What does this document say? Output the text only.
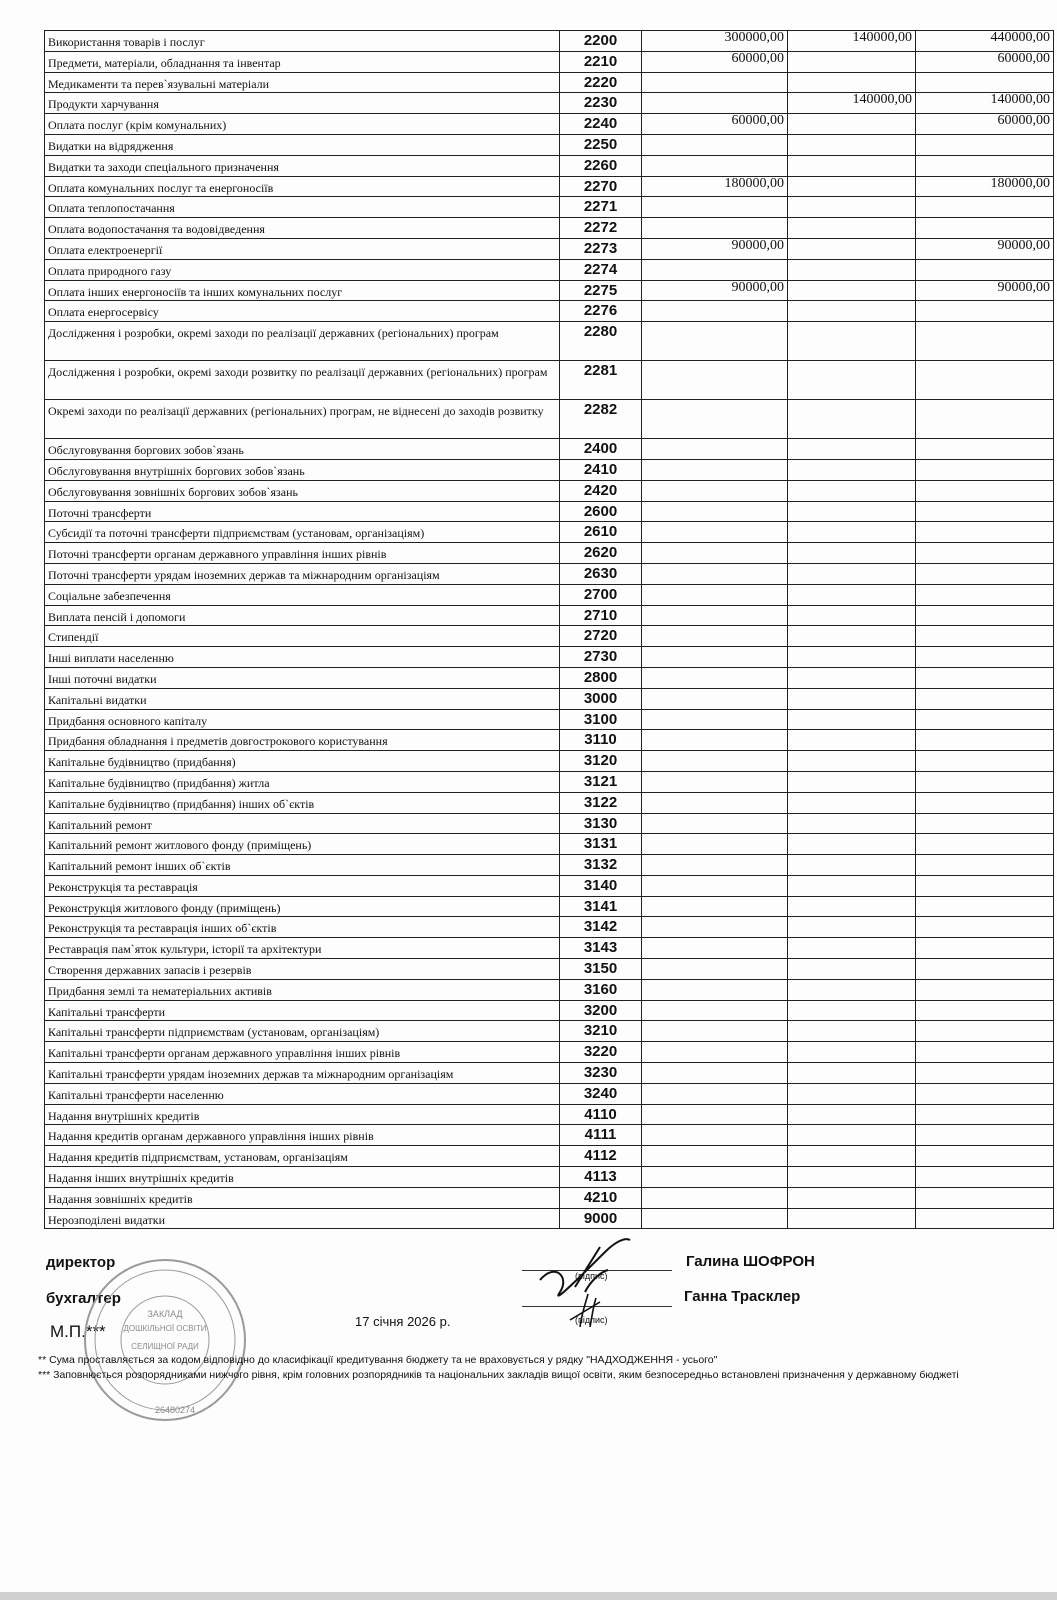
Використання товарів і послуг	2200	300000,00	140000,00	440000,00
Предмети, матеріали, обладнання та інвентар	2210	60000,00		60000,00
Медикаменти та перев`язувальні матеріали	2220			
Продукти харчування	2230		140000,00	140000,00
Оплата послуг (крім комунальних)	2240	60000,00		60000,00
Видатки на відрядження	2250			
Видатки та заходи спеціального призначення	2260			
Оплата комунальних послуг та енергоносіїв	2270	180000,00		180000,00
Оплата теплопостачання	2271			
Оплата водопостачання та водовідведення	2272			
Оплата електроенергії	2273	90000,00		90000,00
Оплата природного газу	2274			
Оплата інших енергоносіїв та інших комунальних послуг	2275	90000,00		90000,00
Оплата енергосервісу	2276			
Дослідження і розробки, окремі заходи по реалізації державних (регіональних) програм	2280			
Дослідження і розробки, окремі заходи розвитку по реалізації державних (регіональних) програм	2281			
Окремі заходи по реалізації державних (регіональних) програм, не віднесені до заходів розвитку	2282			
Обслуговування боргових зобов`язань	2400			
Обслуговування внутрішніх боргових зобов`язань	2410			
Обслуговування зовнішніх боргових зобов`язань	2420			
Поточні трансферти	2600			
Субсидії та поточні трансферти підприємствам (установам, організаціям)	2610			
Поточні трансферти органам державного управління інших рівнів	2620			
Поточні трансферти урядам іноземних держав та міжнародним організаціям	2630			
Соціальне забезпечення	2700			
Виплата пенсій і допомоги	2710			
Стипендії	2720			
Інші виплати населенню	2730			
Інші поточні видатки	2800			
Капітальні видатки	3000			
Придбання основного капіталу	3100			
Придбання обладнання і предметів довгострокового користування	3110			
Капітальне будівництво (придбання)	3120			
Капітальне будівництво (придбання) житла	3121			
Капітальне будівництво (придбання) інших об`єктів	3122			
Капітальний ремонт	3130			
Капітальний ремонт житлового фонду (приміщень)	3131			
Капітальний ремонт інших об`єктів	3132			
Реконструкція та реставрація	3140			
Реконструкція житлового фонду (приміщень)	3141			
Реконструкція та реставрація інших об`єктів	3142			
Реставрація пам`яток культури, історії та архітектури	3143			
Створення державних запасів і резервів	3150			
Придбання землі та нематеріальних активів	3160			
Капітальні трансферти	3200			
Капітальні трансферти підприємствам (установам, організаціям)	3210			
Капітальні трансферти органам державного управління інших рівнів	3220			
Капітальні трансферти урядам іноземних держав та міжнародним організаціям	3230			
Капітальні трансферти населенню	3240			
Надання внутрішніх кредитів	4110			
Надання кредитів органам державного управління інших рівнів	4111			
Надання кредитів підприємствам, установам, організаціям	4112			
Надання інших внутрішніх кредитів	4113			
Надання зовнішніх кредитів	4210			
Нерозподілені видатки	9000			
директор
бухгалтер
М.П.***
17 січня 2026 р.
Галина ШОФРОН
Ганна Трасклер
(підпис)
(підпис)
ЗАКЛАД
ДОШКІЛЬНОЇ ОСВІТИ
СЕЛИЩНОЇ РАДИ
26480274
** Сума проставляється за кодом відповідно до класифікації кредитування бюджету та не враховується у рядку "НАДХОДЖЕННЯ - усього"
*** Заповнюється розпорядниками нижчого рівня, крім головних розпорядників та національних закладів вищої освіти, яким безпосередньо встановлені призначення у державному бюджеті
